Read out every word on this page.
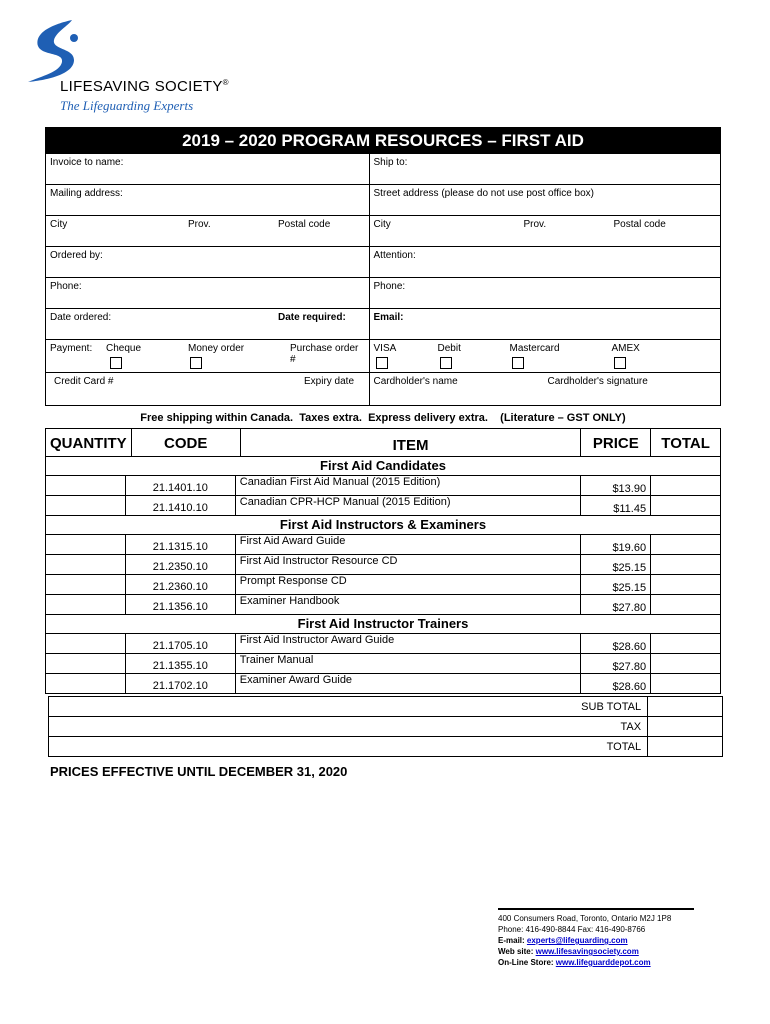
LIFESAVING SOCIETY®
The Lifeguarding Experts
2019 – 2020 PROGRAM RESOURCES – FIRST AID
Invoice to name:	Ship to:
Mailing address:	Street address (please do not use post office box)

City Prov. Postal code	City Prov. Postal code

Ordered by:	Attention:
Phone:	Phone:

Date ordered: Date required:	Email:

Payment: Cheque Money order Purchase order #	VISA Debit Mastercard AMEX

Credit Card # Expiry date	Cardholder's name Cardholder's signature
Free shipping within Canada.  Taxes extra.  Express delivery extra.    (Literature – GST ONLY)
QUANTITY	CODE	ITEM	PRICE	TOTAL
First Aid Candidates				
	21.1401.10	Canadian First Aid Manual (2015 Edition)	$13.90	
	21.1410.10	Canadian CPR-HCP Manual (2015 Edition)	$11.45	
First Aid Instructors & Examiners				
	21.1315.10	First Aid Award Guide	$19.60	
	21.2350.10	First Aid Instructor Resource CD	$25.15	
	21.2360.10	Prompt Response CD	$25.15	
	21.1356.10	Examiner Handbook	$27.80	
First Aid Instructor Trainers				
	21.1705.10	First Aid Instructor Award Guide	$28.60	
	21.1355.10	Trainer Manual	$27.80	
	21.1702.10	Examiner Award Guide	$28.60	
SUB TOTAL	
TAX	
TOTAL	
PRICES EFFECTIVE UNTIL DECEMBER 31, 2020
400 Consumers Road, Toronto, Ontario M2J 1P8
Phone: 416-490-8844 Fax: 416-490-8766
E-mail: experts@lifeguarding.com
Web site: www.lifesavingsociety.com
On-Line Store: www.lifeguarddepot.com
